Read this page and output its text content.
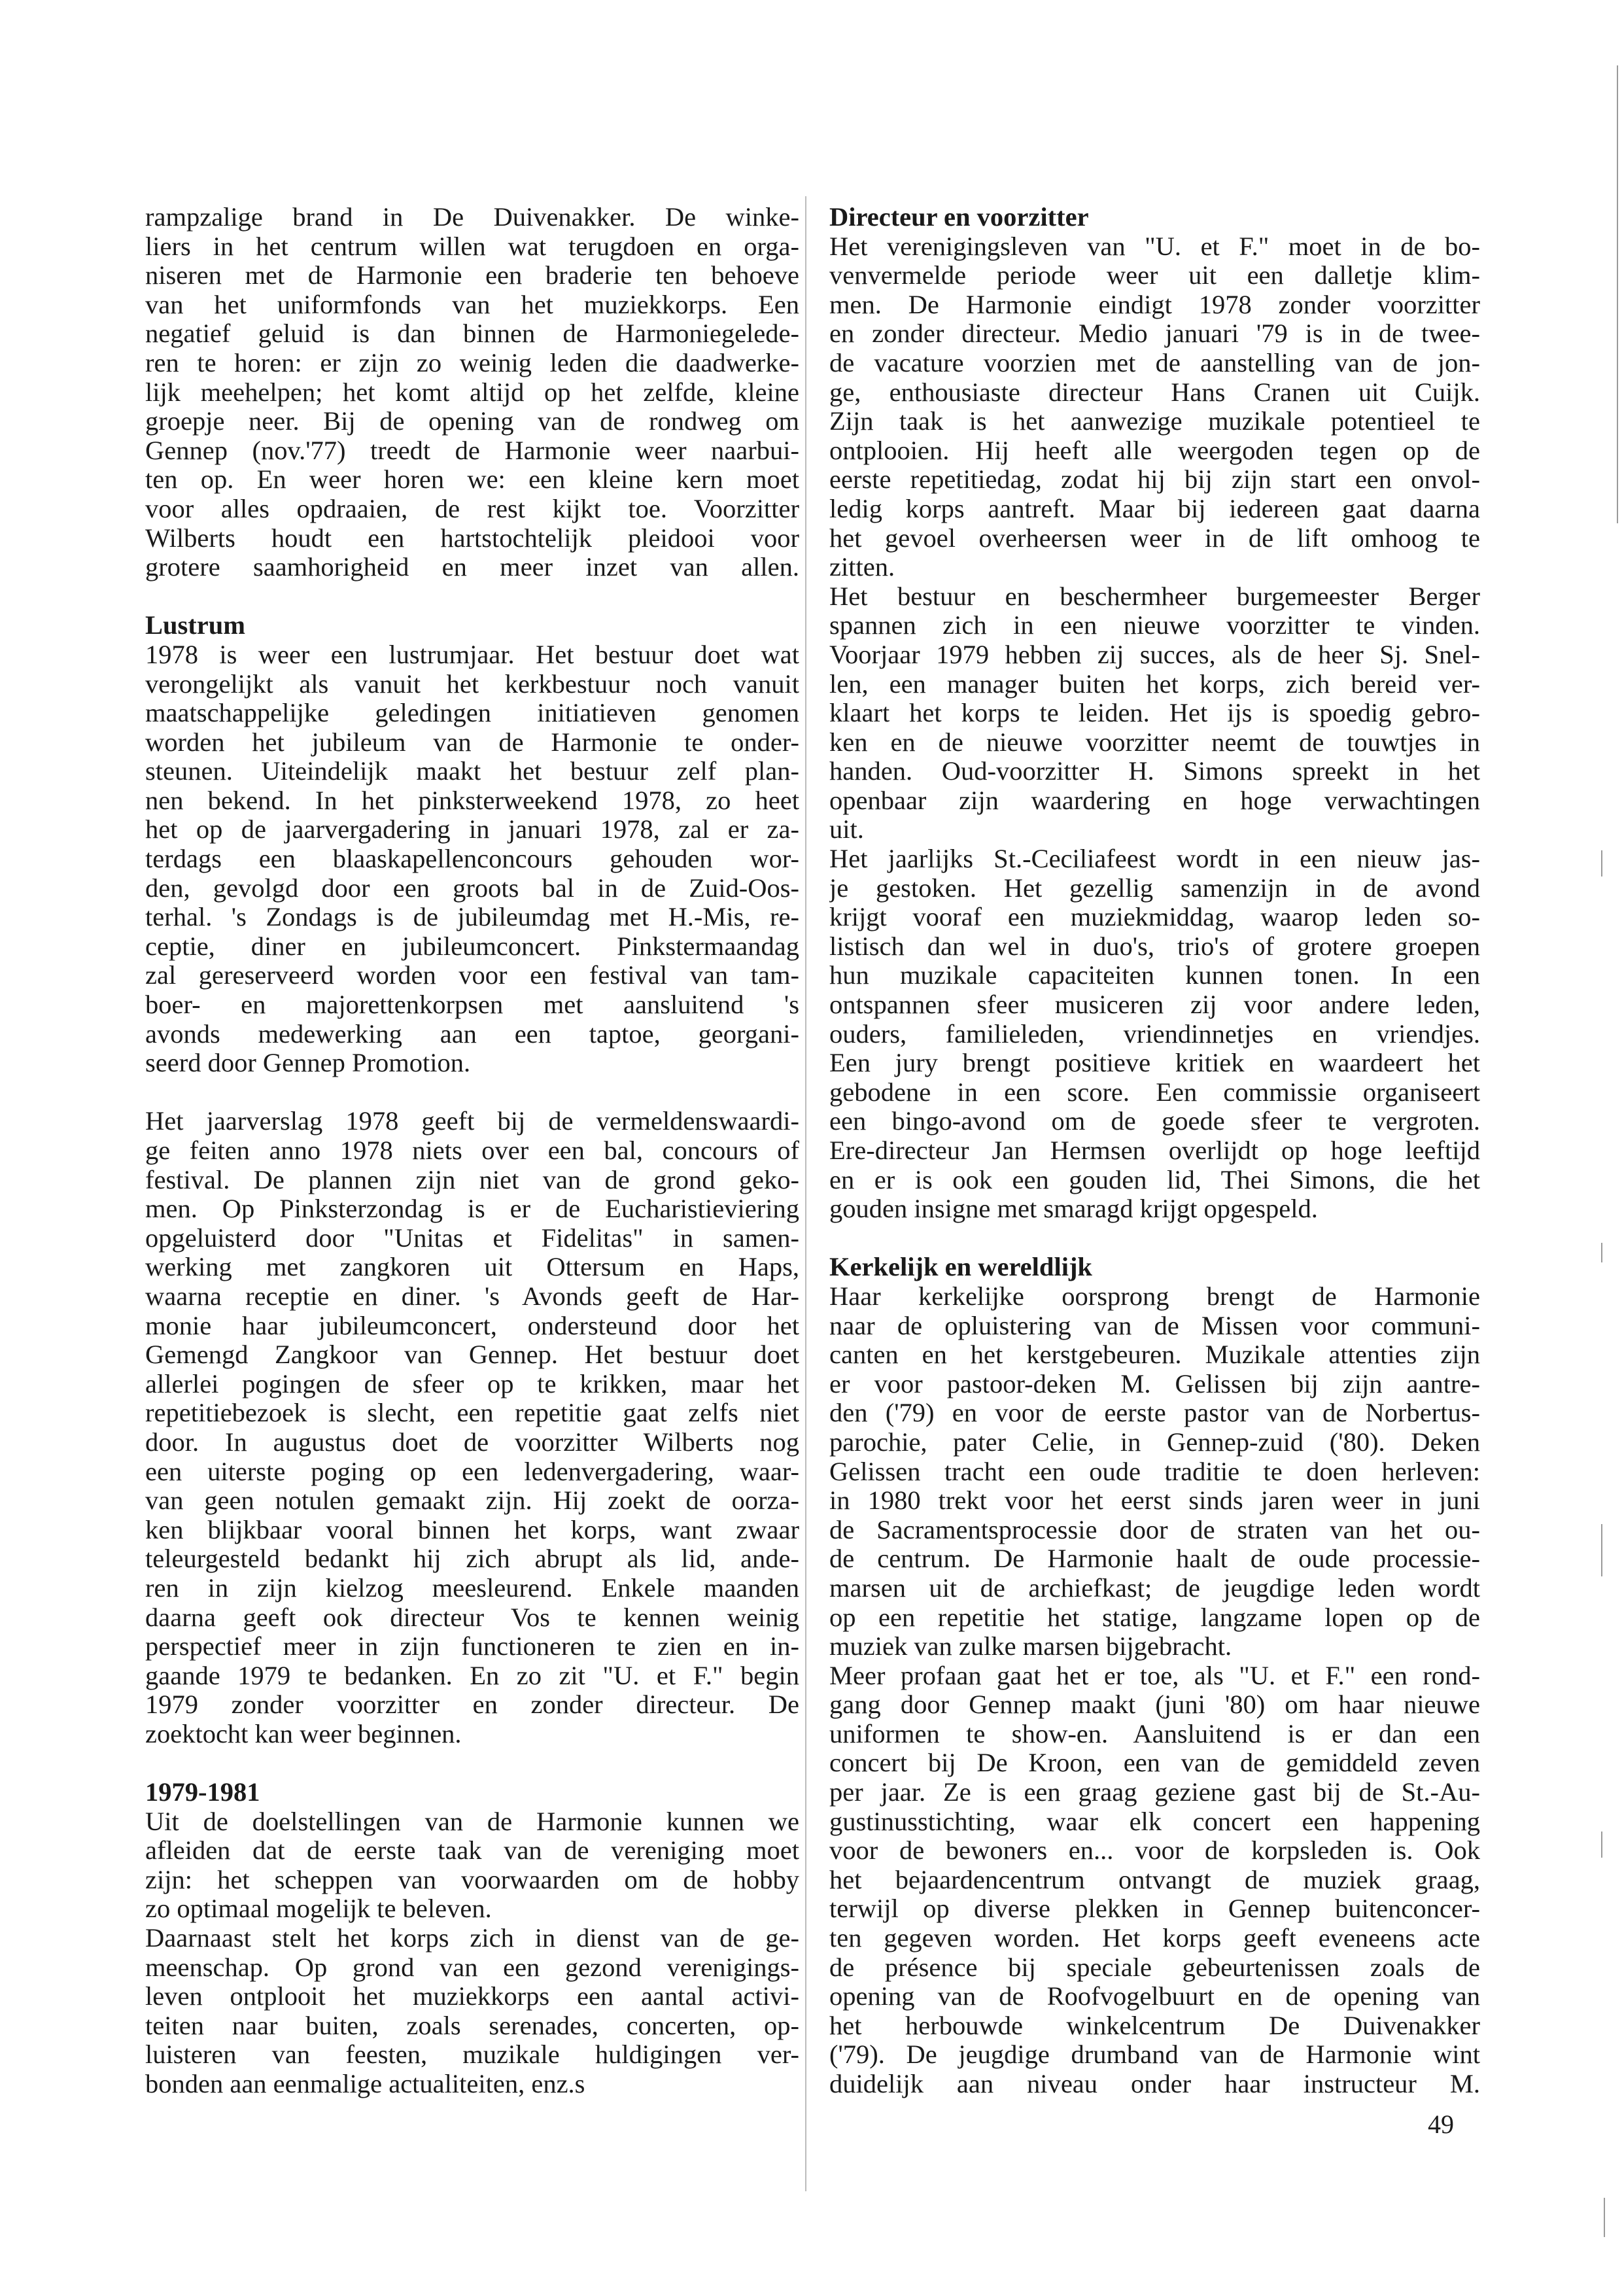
rampzalige brand in De Duivenakker. De winke-
liers in het centrum willen wat terugdoen en orga-
niseren met de Harmonie een braderie ten behoeve
van het uniformfonds van het muziekkorps. Een
negatief geluid is dan binnen de Harmoniegelede-
ren te horen: er zijn zo weinig leden die daadwerke-
lijk meehelpen; het komt altijd op het zelfde, kleine
groepje neer. Bij de opening van de rondweg om
Gennep (nov.'77) treedt de Harmonie weer naarbui-
ten op. En weer horen we: een kleine kern moet
voor alles opdraaien, de rest kijkt toe. Voorzitter
Wilberts houdt een hartstochtelijk pleidooi voor
grotere saamhorigheid en meer inzet van allen.
Lustrum
1978 is weer een lustrumjaar. Het bestuur doet wat
verongelijkt als vanuit het kerkbestuur noch vanuit
maatschappelijke geledingen initiatieven genomen
worden het jubileum van de Harmonie te onder-
steunen. Uiteindelijk maakt het bestuur zelf plan-
nen bekend. In het pinksterweekend 1978, zo heet
het op de jaarvergadering in januari 1978, zal er za-
terdags een blaaskapellenconcours gehouden wor-
den, gevolgd door een groots bal in de Zuid-Oos-
terhal. 's Zondags is de jubileumdag met H.-Mis, re-
ceptie, diner en jubileumconcert. Pinkstermaandag
zal gereserveerd worden voor een festival van tam-
boer- en majorettenkorpsen met aansluitend 's
avonds medewerking aan een taptoe, georgani-
seerd door Gennep Promotion.
Het jaarverslag 1978 geeft bij de vermeldenswaardi-
ge feiten anno 1978 niets over een bal, concours of
festival. De plannen zijn niet van de grond geko-
men. Op Pinksterzondag is er de Eucharistieviering
opgeluisterd door "Unitas et Fidelitas" in samen-
werking met zangkoren uit Ottersum en Haps,
waarna receptie en diner. 's Avonds geeft de Har-
monie haar jubileumconcert, ondersteund door het
Gemengd Zangkoor van Gennep. Het bestuur doet
allerlei pogingen de sfeer op te krikken, maar het
repetitiebezoek is slecht, een repetitie gaat zelfs niet
door. In augustus doet de voorzitter Wilberts nog
een uiterste poging op een ledenvergadering, waar-
van geen notulen gemaakt zijn. Hij zoekt de oorza-
ken blijkbaar vooral binnen het korps, want zwaar
teleurgesteld bedankt hij zich abrupt als lid, ande-
ren in zijn kielzog meesleurend. Enkele maanden
daarna geeft ook directeur Vos te kennen weinig
perspectief meer in zijn functioneren te zien en in-
gaande 1979 te bedanken. En zo zit "U. et F." begin
1979 zonder voorzitter en zonder directeur. De
zoektocht kan weer beginnen.
1979-1981
Uit de doelstellingen van de Harmonie kunnen we
afleiden dat de eerste taak van de vereniging moet
zijn: het scheppen van voorwaarden om de hobby
zo optimaal mogelijk te beleven.
Daarnaast stelt het korps zich in dienst van de ge-
meenschap. Op grond van een gezond verenigings-
leven ontplooit het muziekkorps een aantal activi-
teiten naar buiten, zoals serenades, concerten, op-
luisteren van feesten, muzikale huldigingen ver-
bonden aan eenmalige actualiteiten, enz.s
Directeur en voorzitter
Het verenigingsleven van "U. et F." moet in de bo-
venvermelde periode weer uit een dalletje klim-
men. De Harmonie eindigt 1978 zonder voorzitter
en zonder directeur. Medio januari '79 is in de twee-
de vacature voorzien met de aanstelling van de jon-
ge, enthousiaste directeur Hans Cranen uit Cuijk.
Zijn taak is het aanwezige muzikale potentieel te
ontplooien. Hij heeft alle weergoden tegen op de
eerste repetitiedag, zodat hij bij zijn start een onvol-
ledig korps aantreft. Maar bij iedereen gaat daarna
het gevoel overheersen weer in de lift omhoog te
zitten.
Het bestuur en beschermheer burgemeester Berger
spannen zich in een nieuwe voorzitter te vinden.
Voorjaar 1979 hebben zij succes, als de heer Sj. Snel-
len, een manager buiten het korps, zich bereid ver-
klaart het korps te leiden. Het ijs is spoedig gebro-
ken en de nieuwe voorzitter neemt de touwtjes in
handen. Oud-voorzitter H. Simons spreekt in het
openbaar zijn waardering en hoge verwachtingen
uit.
Het jaarlijks St.-Ceciliafeest wordt in een nieuw jas-
je gestoken. Het gezellig samenzijn in de avond
krijgt vooraf een muziekmiddag, waarop leden so-
listisch dan wel in duo's, trio's of grotere groepen
hun muzikale capaciteiten kunnen tonen. In een
ontspannen sfeer musiceren zij voor andere leden,
ouders, familieleden, vriendinnetjes en vriendjes.
Een jury brengt positieve kritiek en waardeert het
gebodene in een score. Een commissie organiseert
een bingo-avond om de goede sfeer te vergroten.
Ere-directeur Jan Hermsen overlijdt op hoge leeftijd
en er is ook een gouden lid, Thei Simons, die het
gouden insigne met smaragd krijgt opgespeld.
Kerkelijk en wereldlijk
Haar kerkelijke oorsprong brengt de Harmonie
naar de opluistering van de Missen voor communi-
canten en het kerstgebeuren. Muzikale attenties zijn
er voor pastoor-deken M. Gelissen bij zijn aantre-
den ('79) en voor de eerste pastor van de Norbertus-
parochie, pater Celie, in Gennep-zuid ('80). Deken
Gelissen tracht een oude traditie te doen herleven:
in 1980 trekt voor het eerst sinds jaren weer in juni
de Sacramentsprocessie door de straten van het ou-
de centrum. De Harmonie haalt de oude processie-
marsen uit de archiefkast; de jeugdige leden wordt
op een repetitie het statige, langzame lopen op de
muziek van zulke marsen bijgebracht.
Meer profaan gaat het er toe, als "U. et F." een rond-
gang door Gennep maakt (juni '80) om haar nieuwe
uniformen te show-en. Aansluitend is er dan een
concert bij De Kroon, een van de gemiddeld zeven
per jaar. Ze is een graag geziene gast bij de St.-Au-
gustinusstichting, waar elk concert een happening
voor de bewoners en... voor de korpsleden is. Ook
het bejaardencentrum ontvangt de muziek graag,
terwijl op diverse plekken in Gennep buitenconcer-
ten gegeven worden. Het korps geeft eveneens acte
de présence bij speciale gebeurtenissen zoals de
opening van de Roofvogelbuurt en de opening van
het herbouwde winkelcentrum De Duivenakker
('79). De jeugdige drumband van de Harmonie wint
duidelijk aan niveau onder haar instructeur M.
49
